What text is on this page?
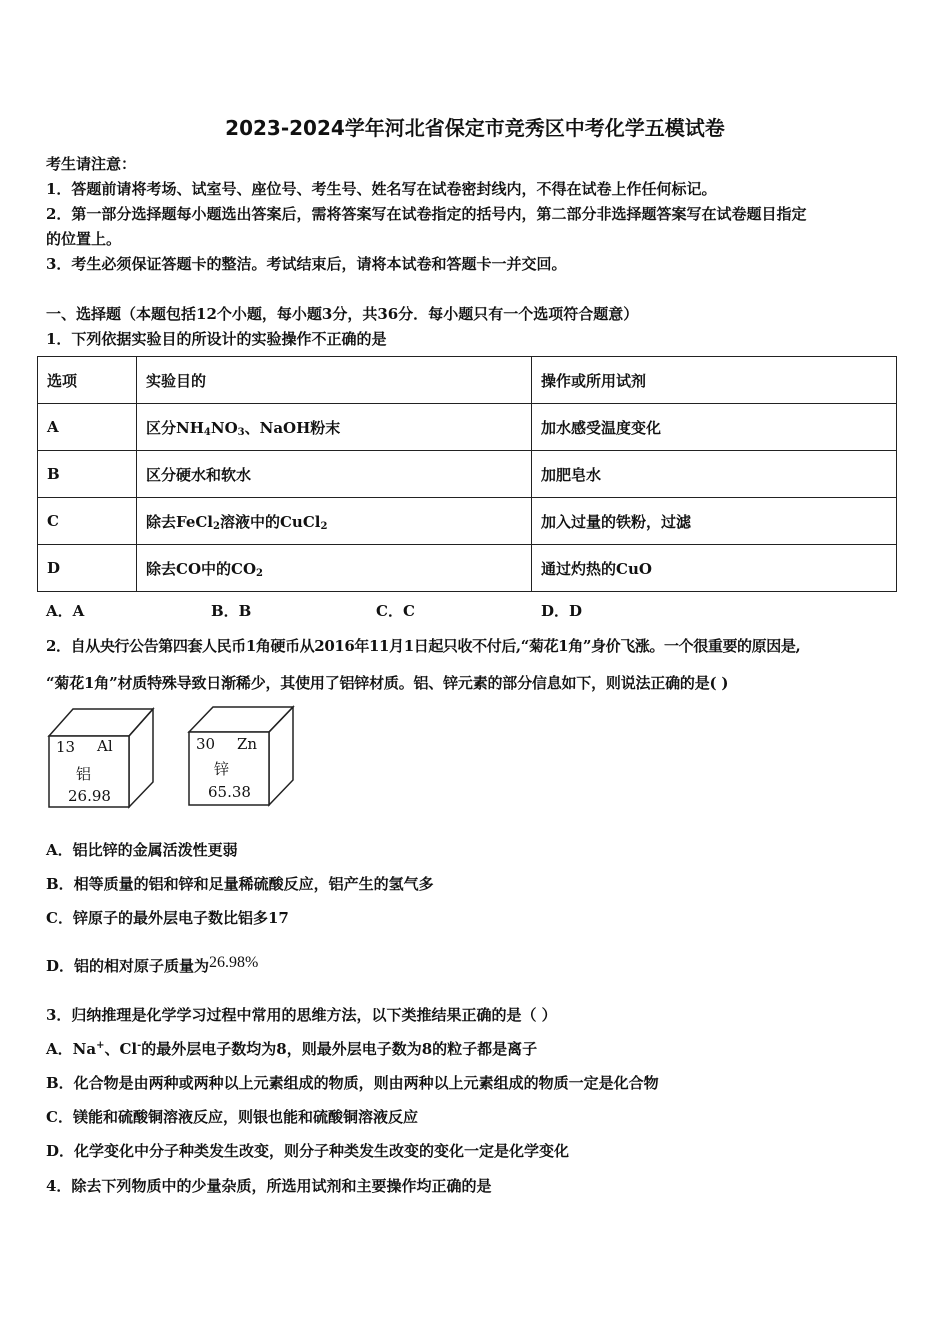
2023-2024学年河北省保定市竞秀区中考化学五模试卷
考生请注意：
1．答题前请将考场、试室号、座位号、考生号、姓名写在试卷密封线内，不得在试卷上作任何标记。
2．第一部分选择题每小题选出答案后，需将答案写在试卷指定的括号内，第二部分非选择题答案写在试卷题目指定
的位置上。
3．考生必须保证答题卡的整洁。考试结束后，请将本试卷和答题卡一并交回。
一、选择题（本题包括12个小题，每小题3分，共36分．每小题只有一个选项符合题意）
1．下列依据实验目的所设计的实验操作不正确的是
选项	实验目的	操作或所用试剂
A	区分$NH_4NO_3$、NaOH粉末	加水感受温度变化
B	区分硬水和软水	加肥皂水
C	除去FeCl$_2$溶液中的CuCl$_2$	加入过量的铁粉，过滤
D	除去CO中的$CO_2$	通过灼热的CuO
A．A	B．B	C．C	D．D
2．自从央行公告第四套人民币1角硬币从2016年11月1日起只收不付后,“菊花1角”身价飞涨。一个很重要的原因是,
“菊花1角”材质特殊导致日渐稀少，其使用了铝锌材质。铝、锌元素的部分信息如下，则说法正确的是( )
13 Al
铝
26.98
30 Zn
锌
65.38
A．铝比锌的金属活泼性更弱
B．相等质量的铝和锌和足量稀硫酸反应，铝产生的氢气多
C．锌原子的最外层电子数比铝多17
D．铝的相对原子质量为26.98%
3．归纳推理是化学学习过程中常用的思维方法，以下类推结果正确的是（ ）
A．Na+、Cl-的最外层电子数均为8，则最外层电子数为8的粒子都是离子
B．化合物是由两种或两种以上元素组成的物质，则由两种以上元素组成的物质一定是化合物
C．镁能和硫酸铜溶液反应，则银也能和硫酸铜溶液反应
D．化学变化中分子种类发生改变，则分子种类发生改变的变化一定是化学变化
4．除去下列物质中的少量杂质，所选用试剂和主要操作均正确的是
